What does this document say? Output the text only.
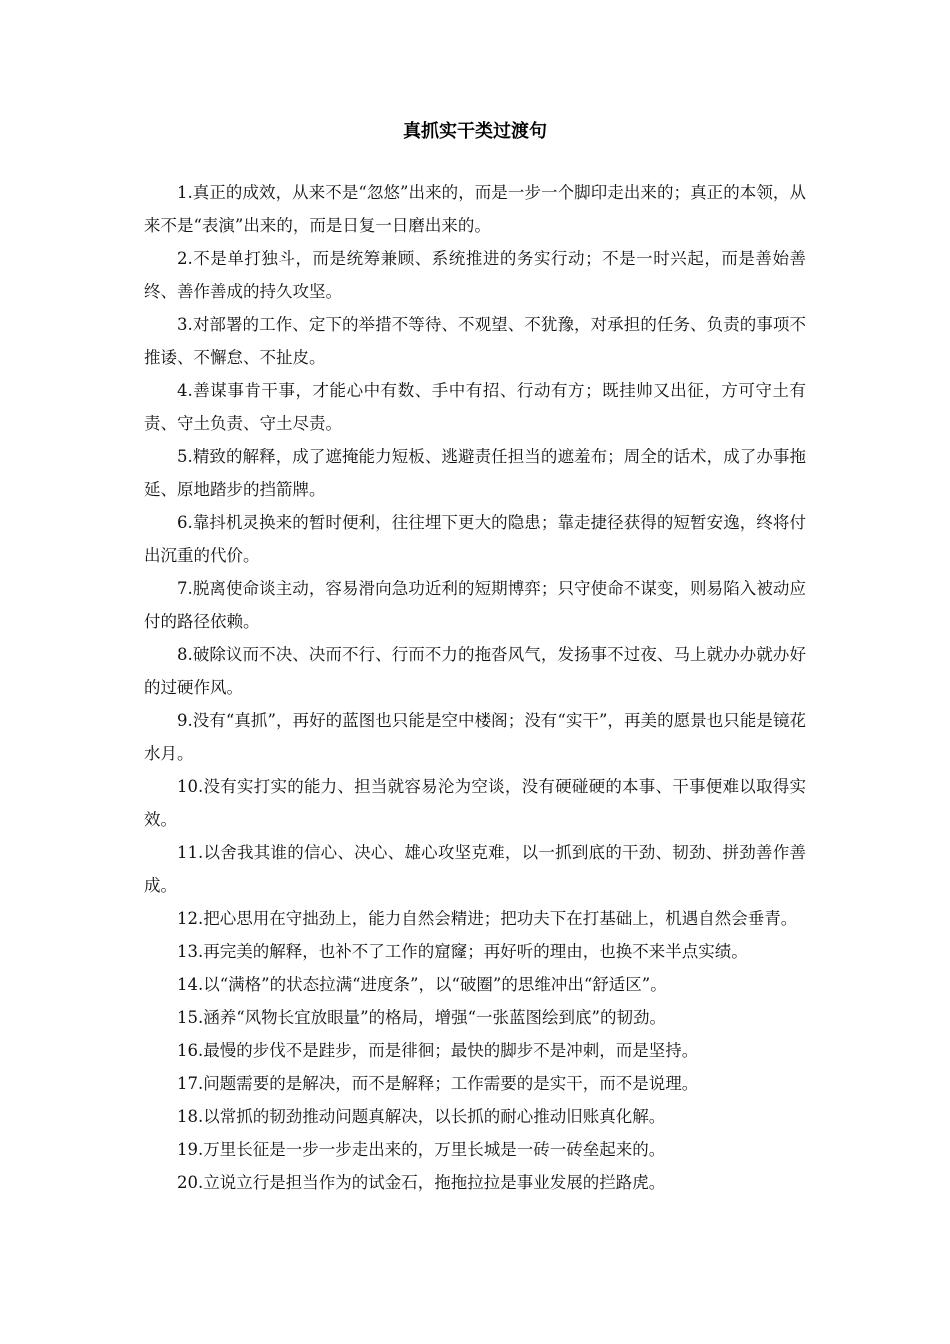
真抓实干类过渡句

1.真正的成效，从来不是“忽悠”出来的，而是一步一个脚印走出来的；真正的本领，从来不是“表演”出来的，而是日复一日磨出来的。

2.不是单打独斗，而是统筹兼顾、系统推进的务实行动；不是一时兴起，而是善始善终、善作善成的持久攻坚。

3.对部署的工作、定下的举措不等待、不观望、不犹豫，对承担的任务、负责的事项不推诿、不懈怠、不扯皮。

4.善谋事肯干事，才能心中有数、手中有招、行动有方；既挂帅又出征，方可守土有责、守土负责、守土尽责。

5.精致的解释，成了遮掩能力短板、逃避责任担当的遮羞布；周全的话术，成了办事拖延、原地踏步的挡箭牌。

6.靠抖机灵换来的暂时便利，往往埋下更大的隐患；靠走捷径获得的短暂安逸，终将付出沉重的代价。

7.脱离使命谈主动，容易滑向急功近利的短期博弈；只守使命不谋变，则易陷入被动应付的路径依赖。

8.破除议而不决、决而不行、行而不力的拖沓风气，发扬事不过夜、马上就办办就办好的过硬作风。

9.没有“真抓”，再好的蓝图也只能是空中楼阁；没有“实干”，再美的愿景也只能是镜花水月。

10.没有实打实的能力、担当就容易沦为空谈，没有硬碰硬的本事、干事便难以取得实效。

11.以舍我其谁的信心、决心、雄心攻坚克难，以一抓到底的干劲、韧劲、拼劲善作善成。

12.把心思用在守拙劲上，能力自然会精进；把功夫下在打基础上，机遇自然会垂青。

13.再完美的解释，也补不了工作的窟窿；再好听的理由，也换不来半点实绩。

14.以“满格”的状态拉满“进度条”，以“破圈”的思维冲出“舒适区”。

15.涵养“风物长宜放眼量”的格局，增强“一张蓝图绘到底”的韧劲。

16.最慢的步伐不是跬步，而是徘徊；最快的脚步不是冲刺，而是坚持。

17.问题需要的是解决，而不是解释；工作需要的是实干，而不是说理。

18.以常抓的韧劲推动问题真解决，以长抓的耐心推动旧账真化解。

19.万里长征是一步一步走出来的，万里长城是一砖一砖垒起来的。

20.立说立行是担当作为的试金石，拖拖拉拉是事业发展的拦路虎。
